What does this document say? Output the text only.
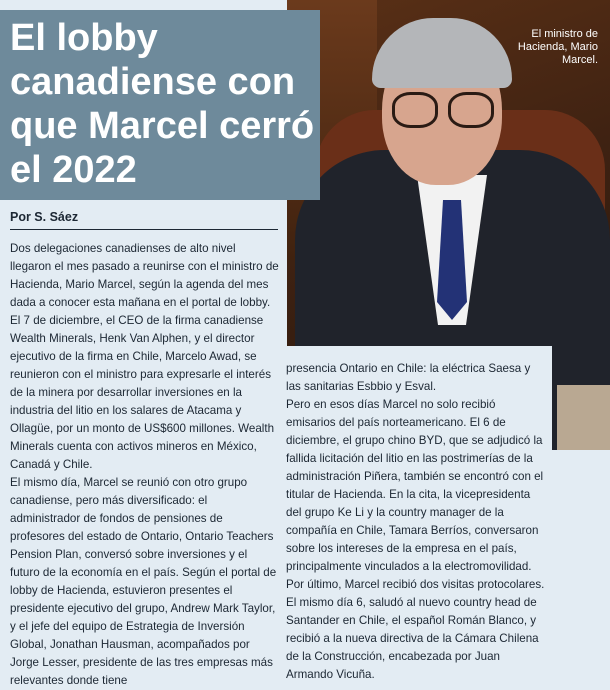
El ministro de Hacienda, Mario Marcel.
El lobby canadiense con que Marcel cerró el 2022
Por S. Sáez

Dos delegaciones canadienses de alto nivel llegaron el mes pasado a reunirse con el ministro de Hacienda, Mario Marcel, según la agenda del mes dada a conocer esta mañana en el portal de lobby.

El 7 de diciembre, el CEO de la firma canadiense Wealth Minerals, Henk Van Alphen, y el director ejecutivo de la firma en Chile, Marcelo Awad, se reunieron con el ministro para expresarle el interés de la minera por desarrollar inversiones en la industria del litio en los salares de Atacama y Ollagüe, por un monto de US$600 millones. Wealth Minerals cuenta con activos mineros en México, Canadá y Chile.

El mismo día, Marcel se reunió con otro grupo canadiense, pero más diversificado: el administrador de fondos de pensiones de profesores del estado de Ontario, Ontario Teachers Pension Plan, conversó sobre inversiones y el futuro de la economía en el país. Según el portal de lobby de Hacienda, estuvieron presentes el presidente ejecutivo del grupo, Andrew Mark Taylor, y el jefe del equipo de Estrategia de Inversión Global, Jonathan Hausman, acompañados por Jorge Lesser, presidente de las tres empresas más relevantes donde tiene

presencia Ontario en Chile: la eléctrica Saesa y las sanitarias Esbbio y Esval.

Pero en esos días Marcel no solo recibió emisarios del país norteamericano. El 6 de diciembre, el grupo chino BYD, que se adjudicó la fallida licitación del litio en las postrimerías de la administración Piñera, también se encontró con el titular de Hacienda. En la cita, la vicepresidenta del grupo Ke Li y la country manager de la compañía en Chile, Tamara Berríos, conversaron sobre los intereses de la empresa en el país, principalmente vinculados a la electromovilidad.

Por último, Marcel recibió dos visitas protocolares. El mismo día 6, saludó al nuevo country head de Santander en Chile, el español Román Blanco, y recibió a la nueva directiva de la Cámara Chilena de la Construcción, encabezada por Juan Armando Vicuña.
